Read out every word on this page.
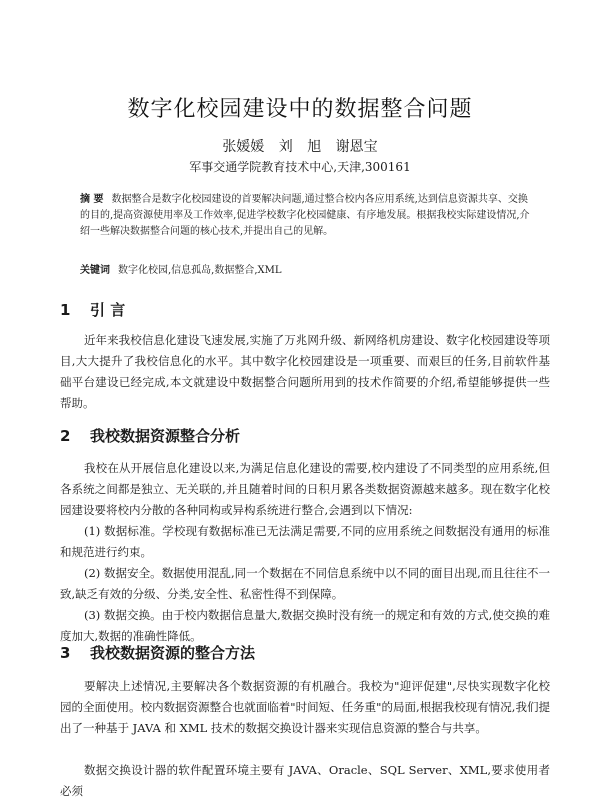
数字化校园建设中的数据整合问题
张媛媛 刘 旭 谢恩宝
军事交通学院教育技术中心,天津,300161
摘 要 数据整合是数字化校园建设的首要解决问题,通过整合校内各应用系统,达到信息资源共享、交换的目的,提高资源使用率及工作效率,促进学校数字化校园健康、有序地发展。根据我校实际建设情况,介绍一些解决数据整合问题的核心技术,并提出自己的见解。
关键词 数字化校园,信息孤岛,数据整合,XML
1 引 言

近年来我校信息化建设飞速发展,实施了万兆网升级、新网络机房建设、数字化校园建设等项目,大大提升了我校信息化的水平。其中数字化校园建设是一项重要、而艰巨的任务,目前软件基础平台建设已经完成,本文就建设中数据整合问题所用到的技术作简要的介绍,希望能够提供一些帮助。

2 我校数据资源整合分析

我校在从开展信息化建设以来,为满足信息化建设的需要,校内建设了不同类型的应用系统,但各系统之间都是独立、无关联的,并且随着时间的日积月累各类数据资源越来越多。现在数字化校园建设要将校内分散的各种同构或异构系统进行整合,会遇到以下情况:

(1) 数据标准。学校现有数据标准已无法满足需要,不同的应用系统之间数据没有通用的标准和规范进行约束。

(2) 数据安全。数据使用混乱,同一个数据在不同信息系统中以不同的面目出现,而且往往不一致,缺乏有效的分级、分类,安全性、私密性得不到保障。

(3) 数据交换。由于校内数据信息量大,数据交换时没有统一的规定和有效的方式,使交换的难度加大,数据的准确性降低。

3 我校数据资源的整合方法

要解决上述情况,主要解决各个数据资源的有机融合。我校为"迎评促建",尽快实现数字化校园的全面使用。校内数据资源整合也就面临着"时间短、任务重"的局面,根据我校现有情况,我们提出了一种基于 JAVA 和 XML 技术的数据交换设计器来实现信息资源的整合与共享。

数据交换设计器的软件配置环境主要有 JAVA、Oracle、SQL Server、XML,要求使用者必须
